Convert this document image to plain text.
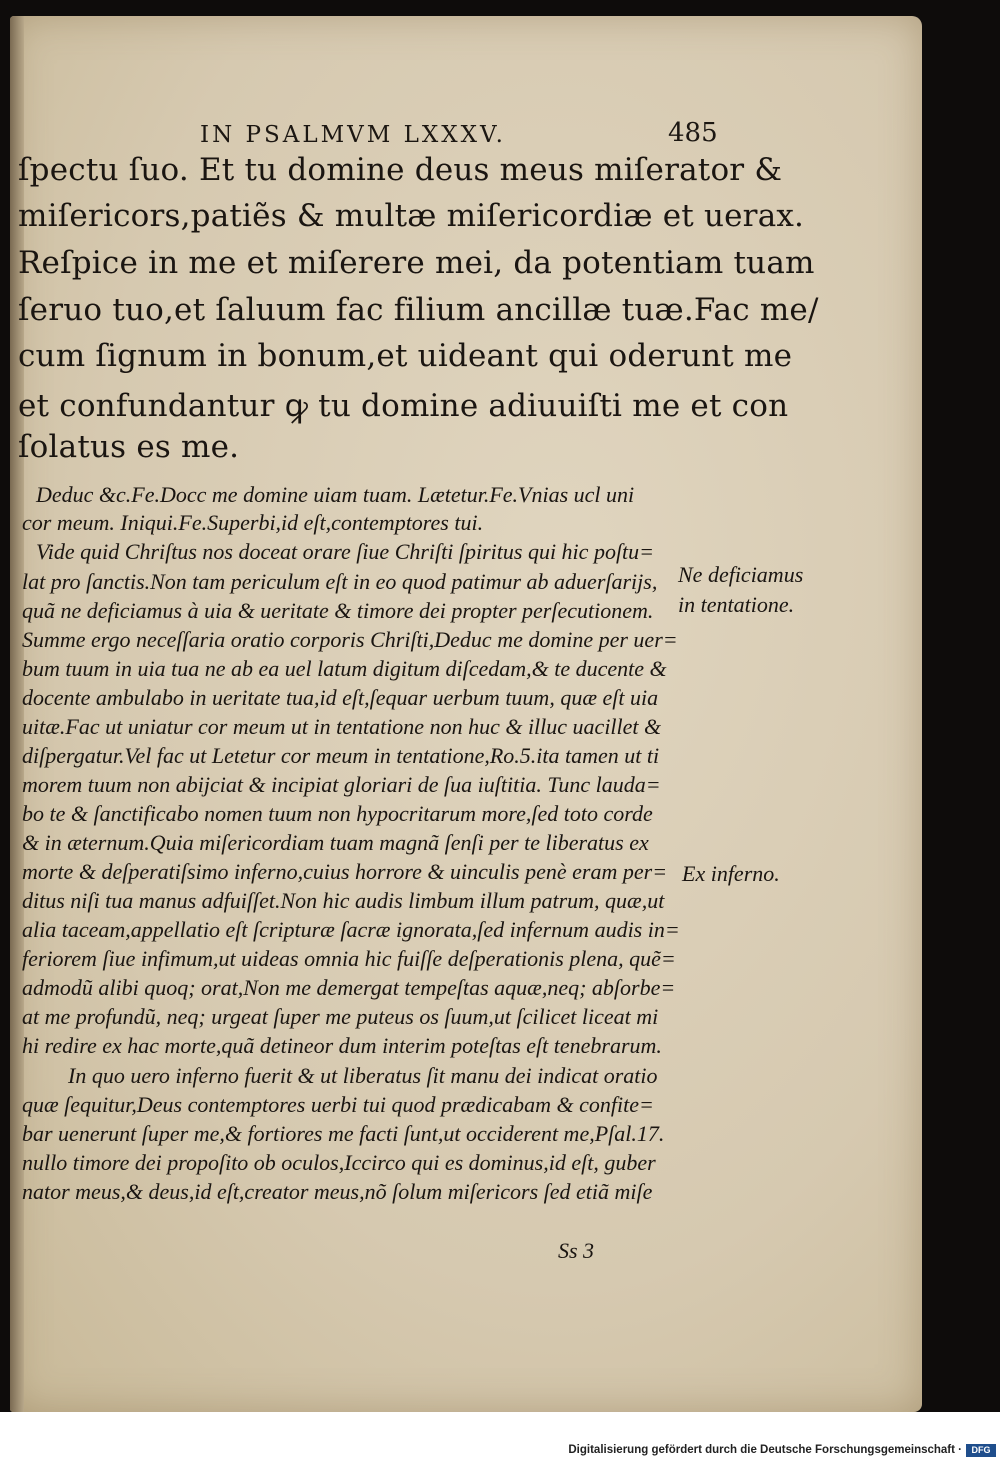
IN PSALMVM LXXXV.	485
ſpectu ſuo. Et tu domine deus meus miſerator &
miſericors,patiẽs & multæ miſericordiæ et uerax.
Reſpice in me et miſerere mei, da potentiam tuam
ſeruo tuo,et ſaluum fac filium ancillæ tuæ.Fac me/
cum ſignum in bonum,et uideant qui oderunt me
et confundantur ꝙ tu domine adiuuiſti me et con
ſolatus es me.
Deduc &c.Fe.Docc me domine uiam tuam. Lætetur.Fe.Vnias ucl uni
cor meum. Iniqui.Fe.Superbi,id eſt,contemptores tui.
Vide quid Chriſtus nos doceat orare ſiue Chriſti ſpiritus qui hic poſtu=
lat pro ſanctis.Non tam periculum eſt in eo quod patimur ab aduerſarijs,
quã ne deficiamus à uia & ueritate & timore dei propter perſecutionem.
Summe ergo neceſſaria oratio corporis Chriſti,Deduc me domine per uer=
bum tuum in uia tua ne ab ea uel latum digitum diſcedam,& te ducente &
docente ambulabo in ueritate tua,id eſt,ſequar uerbum tuum, quæ eſt uia
uitæ.Fac ut uniatur cor meum ut in tentatione non huc & illuc uacillet &
diſpergatur.Vel fac ut Letetur cor meum in tentatione,Ro.5.ita tamen ut ti
morem tuum non abijciat & incipiat gloriari de ſua iuſtitia. Tunc lauda=
bo te & ſanctificabo nomen tuum non hypocritarum more,ſed toto corde
& in æternum.Quia miſericordiam tuam magnã ſenſi per te liberatus ex
morte & deſperatiſsimo inferno,cuius horrore & uinculis penè eram per=
ditus niſi tua manus adfuiſſet.Non hic audis limbum illum patrum, quæ,ut
alia taceam,appellatio eſt ſcripturæ ſacræ ignorata,ſed infernum audis in=
feriorem ſiue infimum,ut uideas omnia hic fuiſſe deſperationis plena, quẽ=
admodũ alibi quoq; orat,Non me demergat tempeſtas aquæ,neq; abſorbe=
at me profundũ, neq; urgeat ſuper me puteus os ſuum,ut ſcilicet liceat mi
hi redire ex hac morte,quã detineor dum interim poteſtas eſt tenebrarum.
In quo uero inferno fuerit & ut liberatus ſit manu dei indicat oratio
quæ ſequitur,Deus contemptores uerbi tui quod prædicabam & confite=
bar uenerunt ſuper me,& fortiores me facti ſunt,ut occiderent me,Pſal.17.
nullo timore dei propoſito ob oculos,Iccirco qui es dominus,id eſt, guber
nator meus,& deus,id eſt,creator meus,nõ ſolum miſericors ſed etiã miſe
Ne deficiamus
in tentatione.
Ex inferno.
Ss 3
Digitalisierung gefördert durch die Deutsche Forschungsgemeinschaft ·	DFG
